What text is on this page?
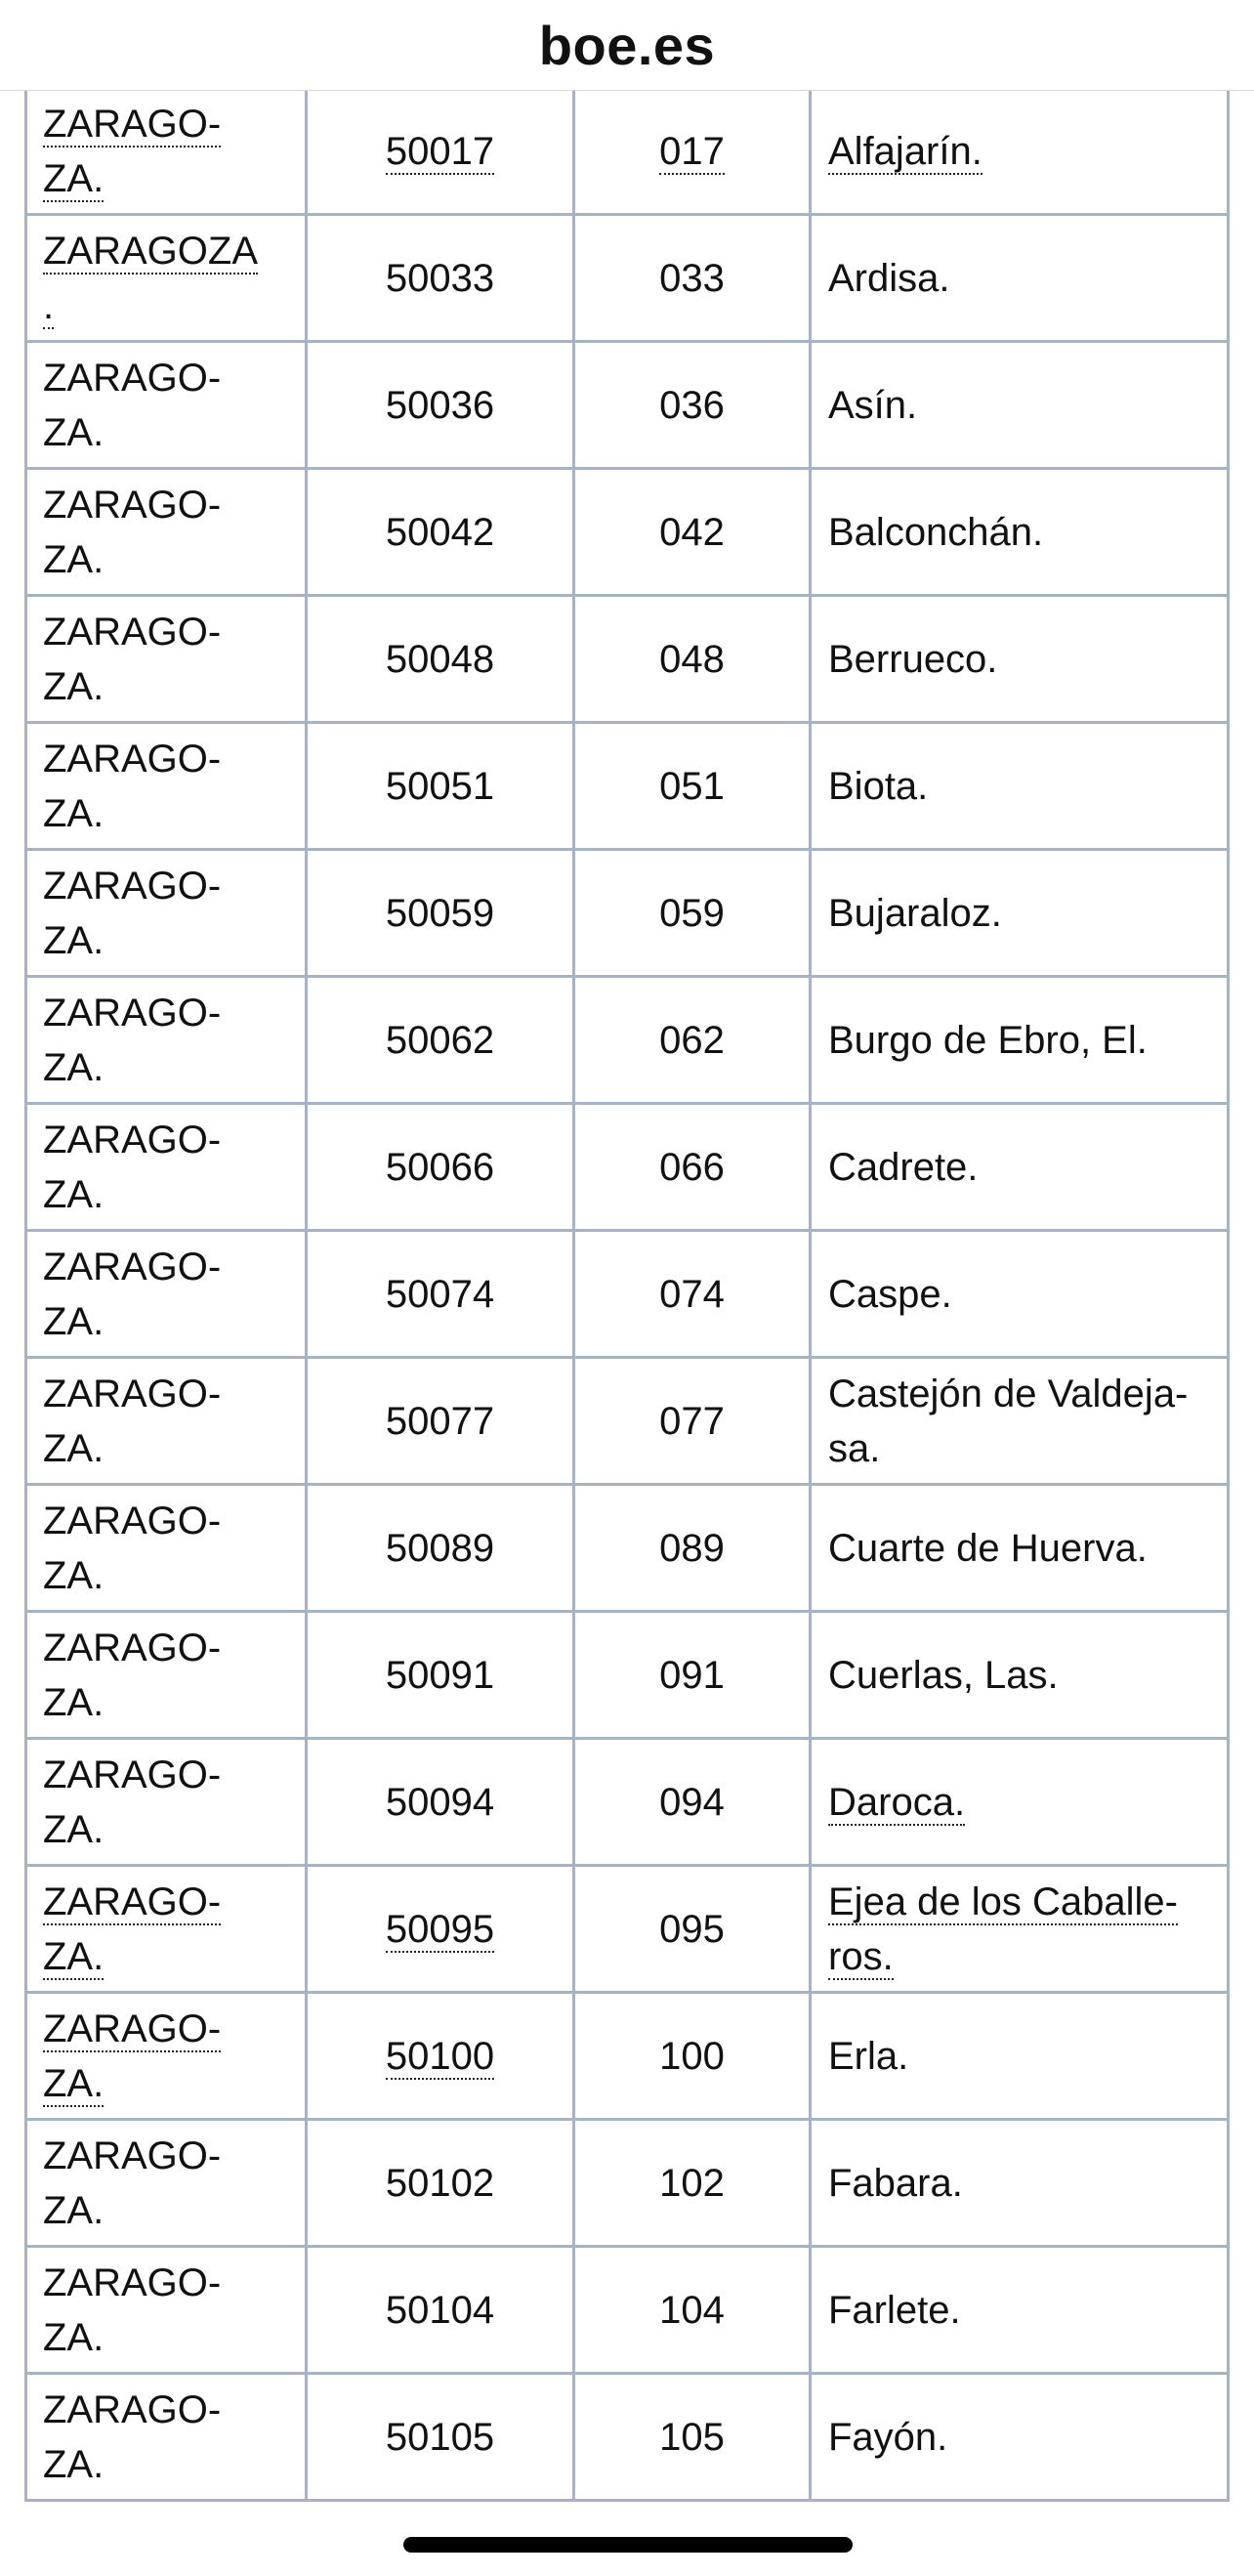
boe.es
ZARAGO-
ZA.	50017	017	Alfajarín.
ZARAGOZA
.	50033	033	Ardisa.
ZARAGO-
ZA.	50036	036	Asín.
ZARAGO-
ZA.	50042	042	Balconchán.
ZARAGO-
ZA.	50048	048	Berrueco.
ZARAGO-
ZA.	50051	051	Biota.
ZARAGO-
ZA.	50059	059	Bujaraloz.
ZARAGO-
ZA.	50062	062	Burgo de Ebro, El.
ZARAGO-
ZA.	50066	066	Cadrete.
ZARAGO-
ZA.	50074	074	Caspe.
ZARAGO-
ZA.	50077	077	Castejón de Valdeja-
sa.
ZARAGO-
ZA.	50089	089	Cuarte de Huerva.
ZARAGO-
ZA.	50091	091	Cuerlas, Las.
ZARAGO-
ZA.	50094	094	Daroca.
ZARAGO-
ZA.	50095	095	Ejea de los Caballe-
ros.
ZARAGO-
ZA.	50100	100	Erla.
ZARAGO-
ZA.	50102	102	Fabara.
ZARAGO-
ZA.	50104	104	Farlete.
ZARAGO-
ZA.	50105	105	Fayón.
